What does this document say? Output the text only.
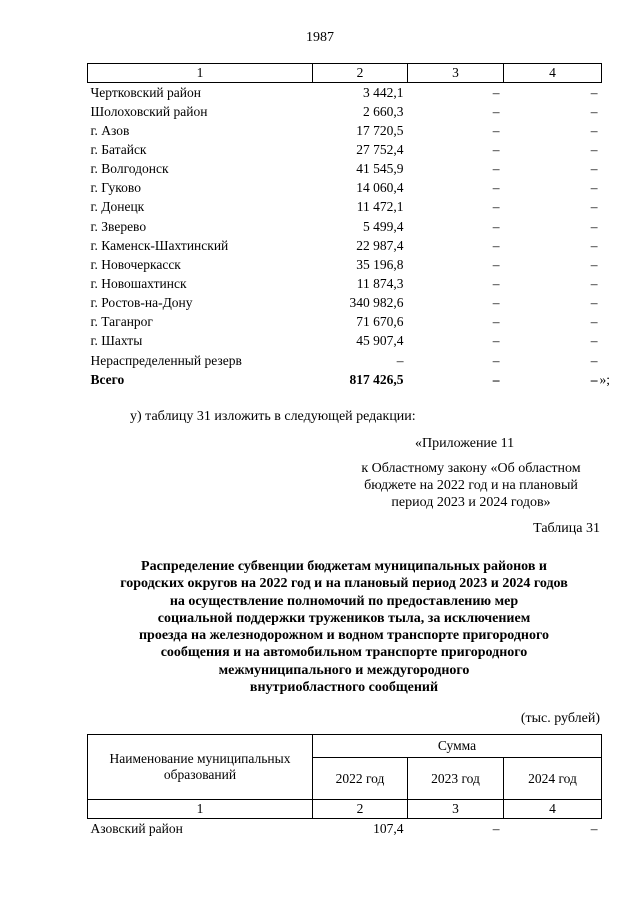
1987
1	2	3	4
Чертковский район	3 442,1	–	–
Шолоховский район	2 660,3	–	–
г. Азов	17 720,5	–	–
г. Батайск	27 752,4	–	–
г. Волгодонск	41 545,9	–	–
г. Гуково	14 060,4	–	–
г. Донецк	11 472,1	–	–
г. Зверево	5 499,4	–	–
г. Каменск-Шахтинский	22 987,4	–	–
г. Новочеркасск	35 196,8	–	–
г. Новошахтинск	11 874,3	–	–
г. Ростов-на-Дону	340 982,6	–	–
г. Таганрог	71 670,6	–	–
г. Шахты	45 907,4	–	–
Нераспределенный резерв	–	–	–
Всего	817 426,5	–	– »;
у) таблицу 31 изложить в следующей редакции:
«Приложение 11
к Областному закону «Об областном
бюджете на 2022 год и на плановый
период 2023 и 2024 годов»
Таблица 31
Распределение субвенции бюджетам муниципальных районов и
городских округов на 2022 год и на плановый период 2023 и 2024 годов
на осуществление полномочий по предоставлению мер
социальной поддержки тружеников тыла, за исключением
проезда на железнодорожном и водном транспорте пригородного
сообщения и на автомобильном транспорте пригородного
межмуниципального и междугородного
внутриобластного сообщений
(тыс. рублей)
Наименование муниципальных
образований	Сумма		
	2022 год	2023 год	2024 год
1	2	3	4
Азовский район	107,4	–	–
